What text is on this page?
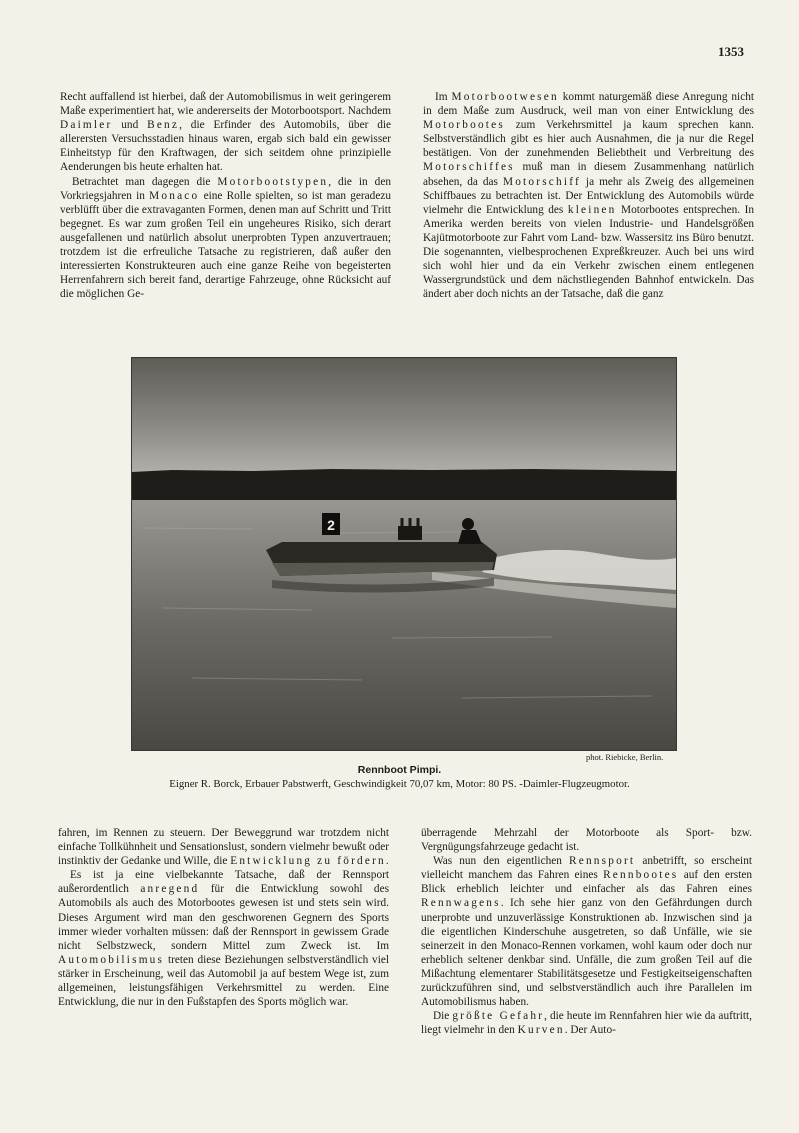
1353

Recht auffallend ist hierbei, daß der Automobilismus in weit geringerem Maße experimentiert hat, wie andererseits der Motorbootsport. Nachdem Daimler und Benz, die Erfinder des Automobils, über die allerersten Versuchsstadien hinaus waren, ergab sich bald ein gewisser Einheitstyp für den Kraftwagen, der sich seitdem ohne prinzipielle Aenderungen bis heute erhalten hat.

Betrachtet man dagegen die Motorbootstypen, die in den Vorkriegsjahren in Monaco eine Rolle spielten, so ist man geradezu verblüfft über die extravaganten Formen, denen man auf Schritt und Tritt begegnet. Es war zum großen Teil ein ungeheures Risiko, sich derart ausgefallenen und natürlich absolut unerprobten Typen anzuvertrauen; trotzdem ist die erfreuliche Tatsache zu registrieren, daß außer den interessierten Konstrukteuren auch eine ganze Reihe von begeisterten Herrenfahrern sich bereit fand, derartige Fahrzeuge, ohne Rücksicht auf die möglichen Ge-

Im Motorbootwesen kommt naturgemäß diese Anregung nicht in dem Maße zum Ausdruck, weil man von einer Entwicklung des Motorbootes zum Verkehrsmittel ja kaum sprechen kann. Selbstverständlich gibt es hier auch Ausnahmen, die ja nur die Regel bestätigen. Von der zunehmenden Beliebtheit und Verbreitung des Motorschiffes muß man in diesem Zusammenhang natürlich absehen, da das Motorschiff ja mehr als Zweig des allgemeinen Schiffbaues zu betrachten ist. Der Entwicklung des Automobils würde vielmehr die Entwicklung des kleinen Motorbootes entsprechen. In Amerika werden bereits von vielen Industrie- und Handelsgrößen Kajütmotorboote zur Fahrt vom Land- bzw. Wassersitz ins Büro benutzt. Die sogenannten, vielbesprochenen Expreßkreuzer. Auch bei uns wird sich wohl hier und da ein Verkehr zwischen einem entlegenen Wassergrundstück und dem nächstliegenden Bahnhof entwickeln. Das ändert aber doch nichts an der Tatsache, daß die ganz

2
phot. Riebicke, Berlin.
Rennboot Pimpi.
Eigner R. Borck, Erbauer Pabstwerft, Geschwindigkeit 70,07 km, Motor: 80 PS. -Daimler-Flugzeugmotor.

fahren, im Rennen zu steuern. Der Beweggrund war trotzdem nicht einfache Tollkühnheit und Sensationslust, sondern vielmehr bewußt oder instinktiv der Gedanke und Wille, die Entwicklung zu fördern.

Es ist ja eine vielbekannte Tatsache, daß der Rennsport außerordentlich anregend für die Entwicklung sowohl des Automobils als auch des Motorbootes gewesen ist und stets sein wird. Dieses Argument wird man den geschworenen Gegnern des Sports immer wieder vorhalten müssen: daß der Rennsport in gewissem Grade nicht Selbstzweck, sondern Mittel zum Zweck ist. Im Automobilismus treten diese Beziehungen selbstverständlich viel stärker in Erscheinung, weil das Automobil ja auf bestem Wege ist, zum allgemeinen, leistungsfähigen Verkehrsmittel zu werden. Eine Entwicklung, die nur in den Fußstapfen des Sports möglich war.

überragende Mehrzahl der Motorboote als Sport- bzw. Vergnügungsfahrzeuge gedacht ist.

Was nun den eigentlichen Rennsport anbetrifft, so erscheint vielleicht manchem das Fahren eines Rennbootes auf den ersten Blick erheblich leichter und einfacher als das Fahren eines Rennwagens. Ich sehe hier ganz von den Gefährdungen durch unerprobte und unzuverlässige Konstruktionen ab. Inzwischen sind ja die eigentlichen Kinderschuhe ausgetreten, so daß Unfälle, wie sie seinerzeit in den Monaco-Rennen vorkamen, wohl kaum oder doch nur erheblich seltener denkbar sind. Unfälle, die zum großen Teil auf die Mißachtung elementarer Stabilitätsgesetze und Festigkeitseigenschaften zurückzuführen sind, und selbstverständlich auch ihre Parallelen im Automobilismus haben.

Die größte Gefahr, die heute im Rennfahren hier wie da auftritt, liegt vielmehr in den Kurven. Der Auto-
